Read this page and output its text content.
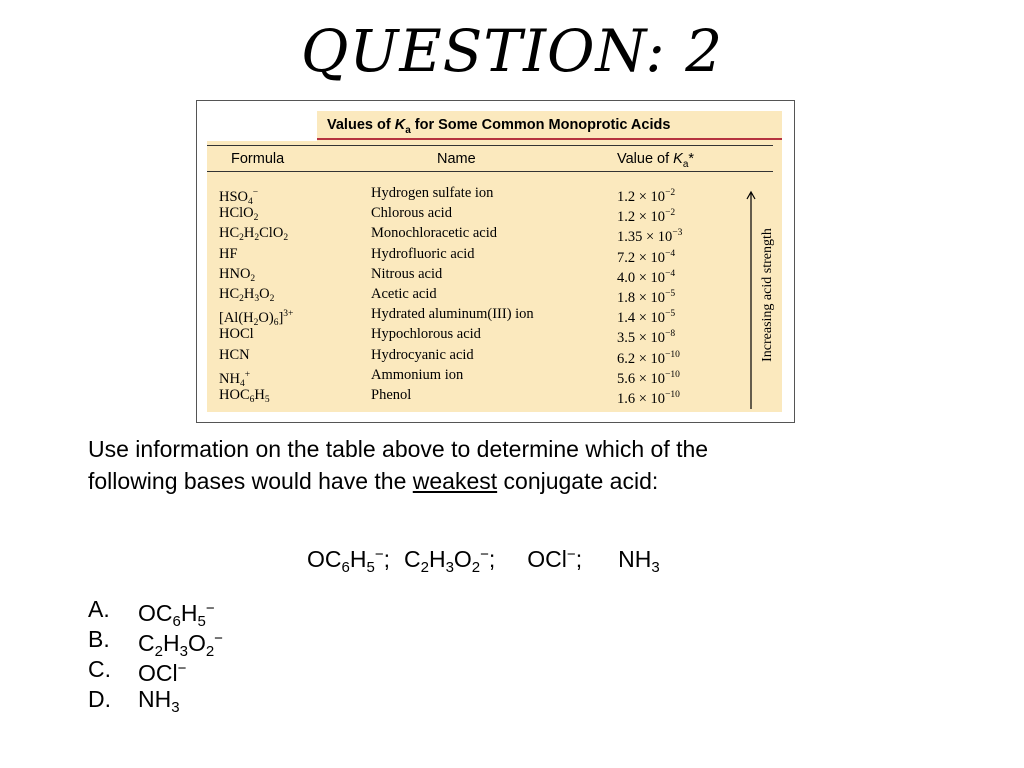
QUESTION: 2
Values of $K_a$ for Some Common Monoprotic Acids
Formula	Name	Value of $K_a*$
$HSO_4^-$	Hydrogen sulfate ion	$1.2 \times 10^{-2}$
HClO$_2$	Chlorous acid	$1.2 \times 10^{-2}$
$HC_2H_2ClO_2$	Monochloracetic acid	$1.35 \times 10^{-3}$
HF	Hydrofluoric acid	$7.2 \times 10^{-4}$
$HNO_2$	Nitrous acid	$4.0 \times 10^{-4}$
$HC_2H_3O_2$	Acetic acid	$1.8 \times 10^{-5}$
$[Al(H_2O)_6]^{3+}$	Hydrated aluminum(III) ion	$1.4 \times 10^{-5}$
HOCl	Hypochlorous acid	$3.5 \times 10^{-8}$
HCN	Hydrocyanic acid	$6.2 \times 10^{-10}$
$NH_4^+$	Ammonium ion	$5.6 \times 10^{-10}$
$HOC_6H_5$	Phenol	$1.6 \times 10^{-10}$
Increasing acid strength
Use information on the table above to determine which of the
following bases would have the weakest conjugate acid:
$OC_6H_5^-$; $C_2H_3O_2^-$; OCl−; $NH_3$
A. $OC_6H_5^-$
B. $C_2H_3O_2^-$
C. OCl−
D. $NH_3$
